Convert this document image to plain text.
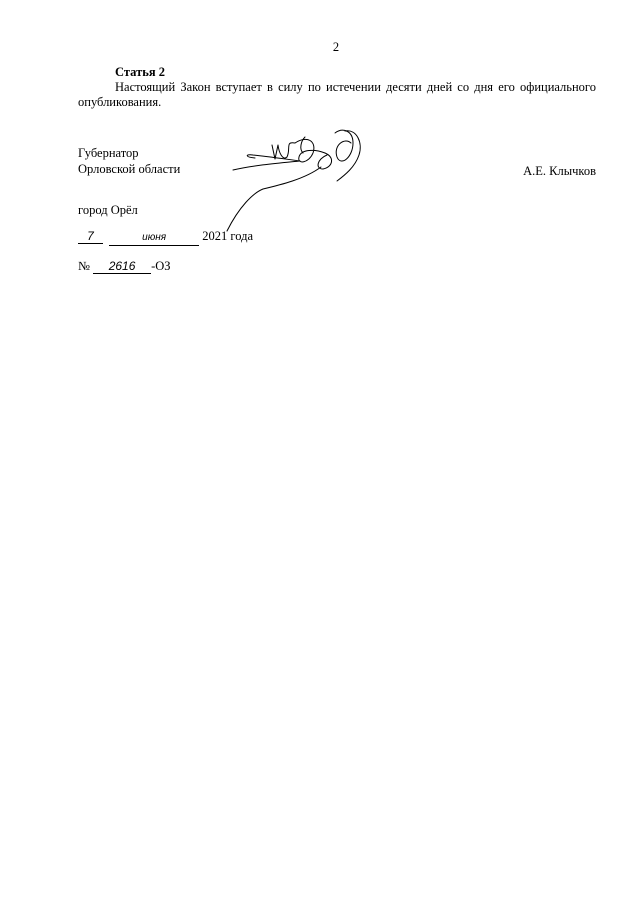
2
Статья 2
Настоящий Закон вступает в силу по истечении десяти дней со дня его официального опубликования.
Губернатор
Орловской области	А.Е. Клычков
город Орёл
7	июня	2021 года
№ 2616 -ОЗ
